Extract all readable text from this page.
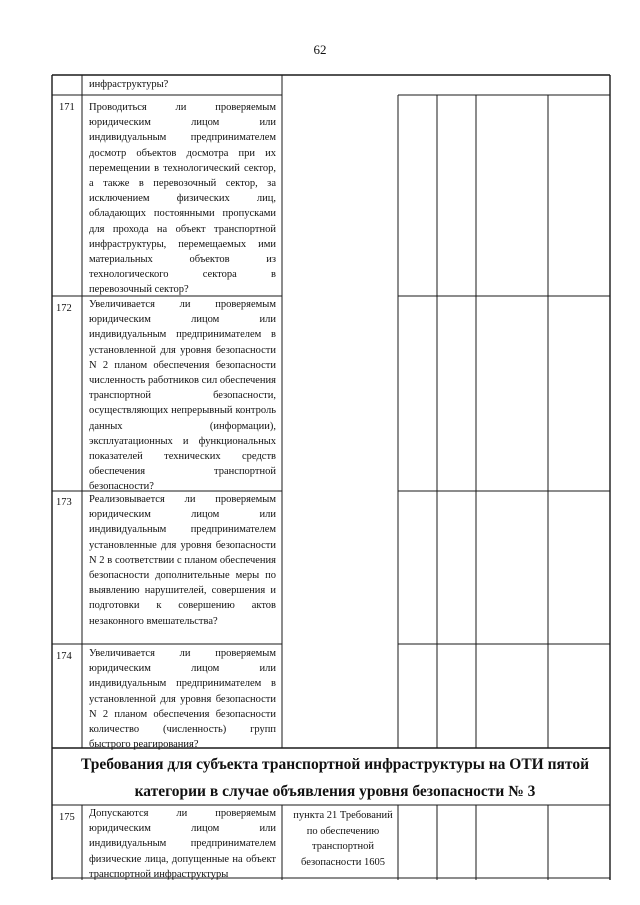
62
инфраструктуры?
171 Проводиться ли проверяемым юридическим лицом или индивидуальным предпринимателем досмотр объектов досмотра при их перемещении в технологический сектор, а также в перевозочный сектор, за исключением физических лиц, обладающих постоянными пропусками для прохода на объект транспортной инфраструктуры, перемещаемых ими материальных объектов из технологического сектора в перевозочный сектор?
172 Увеличивается ли проверяемым юридическим лицом или индивидуальным предпринимателем в установленной для уровня безопасности N 2 планом обеспечения безопасности численность работников сил обеспечения транспортной безопасности, осуществляющих непрерывный контроль данных (информации), эксплуатационных и функциональных показателей технических средств обеспечения транспортной безопасности?
173 Реализовывается ли проверяемым юридическим лицом или индивидуальным предпринимателем установленные для уровня безопасности N 2 в соответствии с планом обеспечения безопасности дополнительные меры по выявлению нарушителей, совершения и подготовки к совершению актов незаконного вмешательства?
174 Увеличивается ли проверяемым юридическим лицом или индивидуальным предпринимателем в установленной для уровня безопасности N 2 планом обеспечения безопасности количество (численность) групп быстрого реагирования?
Требования для субъекта транспортной инфраструктуры на ОТИ пятой категории в случае объявления уровня безопасности № 3
175 Допускаются ли проверяемым юридическим лицом или индивидуальным предпринимателем физические лица, допущенные на объект транспортной инфраструктуры
пункта 21 Требований по обеспечению транспортной безопасности 1605
